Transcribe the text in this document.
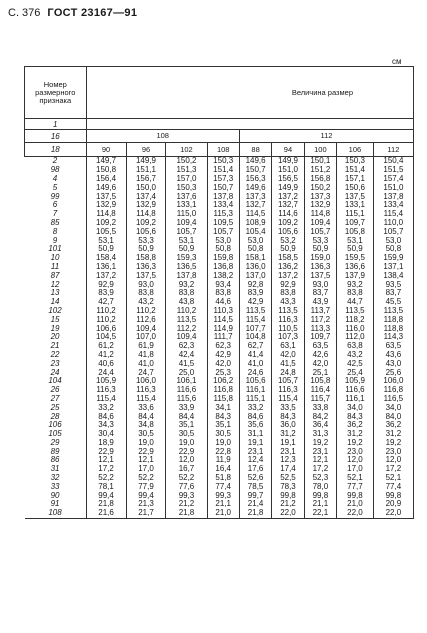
С. 376 ГОСТ 23167—91
см
Номер размерного признака	Величина размер								
1									
16	108				112				
18	90	96	102	108	88	94	100	106	112
2	149,7	149,9	150,2	150,3	149,6	149,9	150,1	150,3	150,4
98	150,8	151,1	151,3	151,4	150,7	151,0	151,2	151,4	151,5
4	156,4	156,7	157,0	157,3	156,3	156,5	156,8	157,1	157,4
5	149,6	150,0	150,3	150,7	149,6	149,9	150,2	150,6	151,0
99	137,5	137,4	137,6	137,8	137,3	137,2	137,3	137,5	137,8
6	132,9	132,9	133,1	133,4	132,7	132,7	132,9	133,1	133,4
7	114,8	114,8	115,0	115,3	114,5	114,6	114,8	115,1	115,4
85	109,2	109,2	109,4	109,5	108,9	109,2	109,4	109,7	110,0
8	105,5	105,6	105,7	105,7	105,4	105,6	105,7	105,8	105,7
9	53,1	53,3	53,1	53,0	53,0	53,2	53,3	53,1	53,0
101	50,9	50,9	50,9	50,8	50,8	50,9	50,9	50,9	50,8
10	158,4	158,8	159,3	159,8	158,1	158,5	159,0	159,5	159,9
11	136,1	136,3	136,5	136,8	136,0	136,2	136,3	136,6	137,1
87	137,2	137,5	137,8	138,2	137,0	137,2	137,5	137,9	138,4
12	92,9	93,0	93,2	93,4	92,8	92,9	93,0	93,2	93,5
13	83,9	83,8	83,8	83,8	83,9	83,8	83,7	83,8	83,7
14	42,7	43,2	43,8	44,6	42,9	43,3	43,9	44,7	45,5
102	110,2	110,2	110,2	110,3	113,5	113,5	113,7	113,5	113,5
15	110,2	112,6	113,5	114,5	115,4	116,3	117,2	118,2	118,8
19	106,6	109,4	112,2	114,9	107,7	110,5	113,3	116,0	118,8
20	104,5	107,0	109,4	111,7	104,8	107,3	109,7	112,0	114,3
21	61,2	61,9	62,3	62,3	62,7	63,1	63,5	63,8	63,5
22	41,2	41,8	42,4	42,9	41,4	42,0	42,6	43,2	43,6
23	40,6	41,0	41,5	42,0	41,0	41,5	42,0	42,5	43,0
24	24,4	24,7	25,0	25,3	24,6	24,8	25,1	25,4	25,6
104	105,9	106,0	106,1	106,2	105,6	105,7	105,8	105,9	106,0
26	116,3	116,3	116,6	116,8	116,1	116,3	116,4	116,6	116,8
27	115,4	115,4	115,6	115,8	115,1	115,4	115,7	116,1	116,5
25	33,2	33,6	33,9	34,1	33,2	33,5	33,8	34,0	34,0
28	84,6	84,4	84,4	84,3	84,6	84,3	84,2	84,3	84,0
106	34,3	34,8	35,1	35,1	35,6	36,0	36,4	36,2	36,2
105	30,4	30,5	30,5	30,5	31,1	31,2	31,3	31,2	31,2
29	18,9	19,0	19,0	19,0	19,1	19,1	19,2	19,2	19,2
89	22,9	22,9	22,9	22,8	23,1	23,1	23,1	23,0	23,0
86	12,1	12,1	12,0	11,9	12,4	12,3	12,1	12,0	12,0
31	17,2	17,0	16,7	16,4	17,6	17,4	17,2	17,0	17,2
32	52,2	52,2	52,2	51,8	52,6	52,5	52,3	52,1	52,1
33	78,1	77,9	77,6	77,4	78,5	78,3	78,0	77,7	77,4
90	99,4	99,4	99,3	99,3	99,7	99,8	99,8	99,8	99,8
91	21,8	21,3	21,2	21,1	21,4	21,2	21,1	21,0	20,9
108	21,6	21,7	21,8	21,0	21,8	22,0	22,1	22,0	22,0
